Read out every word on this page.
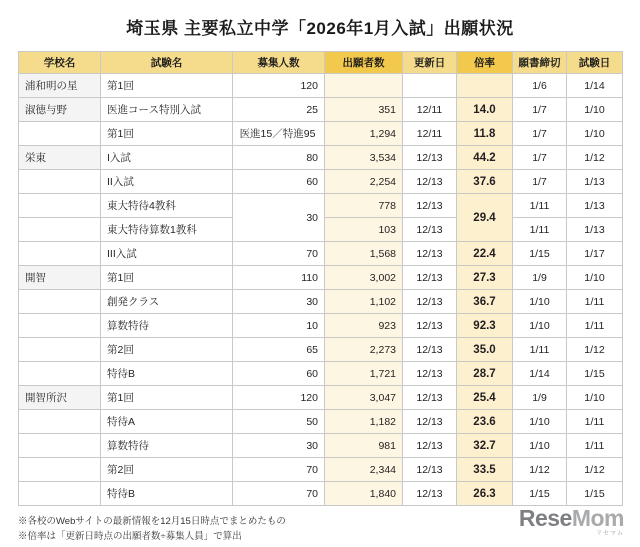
埼玉県 主要私立中学「2026年1月入試」出願状況
学校名	試験名	募集人数	出願者数	更新日	倍率	願書締切	試験日
浦和明の星	第1回	120				1/6	1/14
淑徳与野	医進コース特別入試	25	351	12/11	14.0	1/7	1/10
	第1回	医進15／特進95	1,294	12/11	11.8	1/7	1/10
栄東	I入試	80	3,534	12/13	44.2	1/7	1/12
	II入試	60	2,254	12/13	37.6	1/7	1/13
	東大特待4教科	30	778	12/13	29.4	1/11	1/13
	東大特待算数1教科		103	12/13		1/11	1/13
	III入試	70	1,568	12/13	22.4	1/15	1/17
開智	第1回	110	3,002	12/13	27.3	1/9	1/10
	創発クラス	30	1,102	12/13	36.7	1/10	1/11
	算数特待	10	923	12/13	92.3	1/10	1/11
	第2回	65	2,273	12/13	35.0	1/11	1/12
	特待B	60	1,721	12/13	28.7	1/14	1/15
開智所沢	第1回	120	3,047	12/13	25.4	1/9	1/10
	特待A	50	1,182	12/13	23.6	1/10	1/11
	算数特待	30	981	12/13	32.7	1/10	1/11
	第2回	70	2,344	12/13	33.5	1/12	1/12
	特待B	70	1,840	12/13	26.3	1/15	1/15
※各校のWebサイトの最新情報を12月15日時点でまとめたもの
※倍率は「更新日時点の出願者数÷募集人員」で算出
ReseMom
リセマム
